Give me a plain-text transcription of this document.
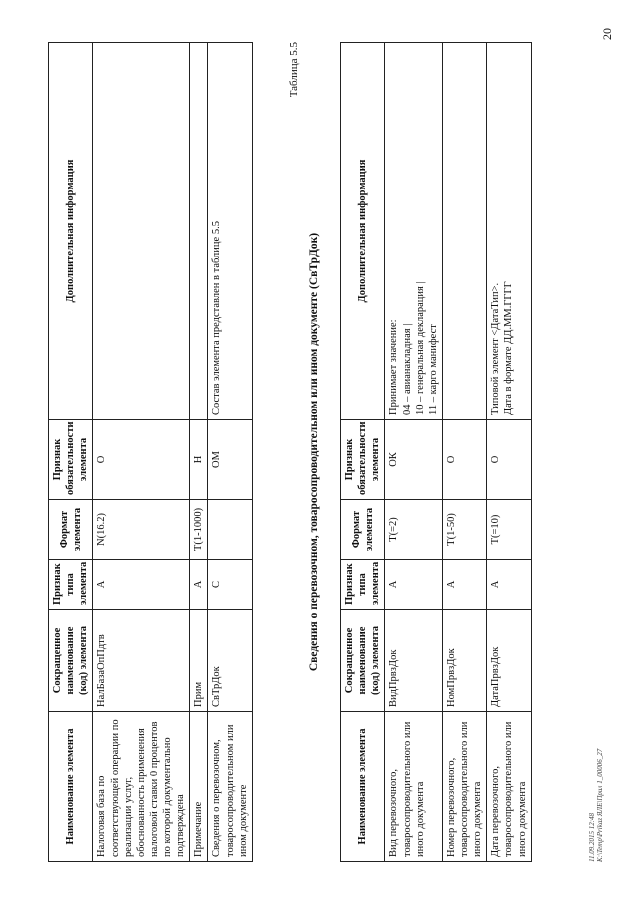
20
Наименование элемента	Сокращенное наименование (код) элемента	Признак типа элемента	Формат элемента	Признак обязательности элемента	Дополнительная информация
Налоговая база по соответствующей операции по реализации услуг, обоснованность применения налоговой ставки 0 процентов по которой документально подтверждена	НалБазаОпПдтв	А	N(16.2)	О	
Примечание	Прим	А	T(1-1000)	Н	
Сведения о перевозочном, товаросопроводительном или ином документе	СвТрДок	С		ОМ	Состав элемента представлен в таблице 5.5
Таблица 5.5
Сведения о перевозочном, товаросопроводительном или ином документе (СвТрДок)
Наименование элемента	Сокращенное наименование (код) элемента	Признак типа элемента	Формат элемента	Признак обязательности элемента	Дополнительная информация
Вид перевозочного, товаросопроводительного или иного документа	ВидПрвзДок	А	T(=2)	ОК	Принимает значение:
04 – авианакладная |
10 – генеральная декларация |
11 – карго манифест
Номер перевозочного, товаросопроводительного или иного документа	НомПрвзДок	А	T(1-50)	О	
Дата перевозочного, товаросопроводительного или иного документа	ДатаПрвзДок	А	T(=10)	О	Типовой элемент <ДатаТип>.
Дата в формате ДД.ММ.ГГГГ
11.09.2015 12:48 К:\Temp\Prikaz ЯЛЕ\Прил 1_00006_27
